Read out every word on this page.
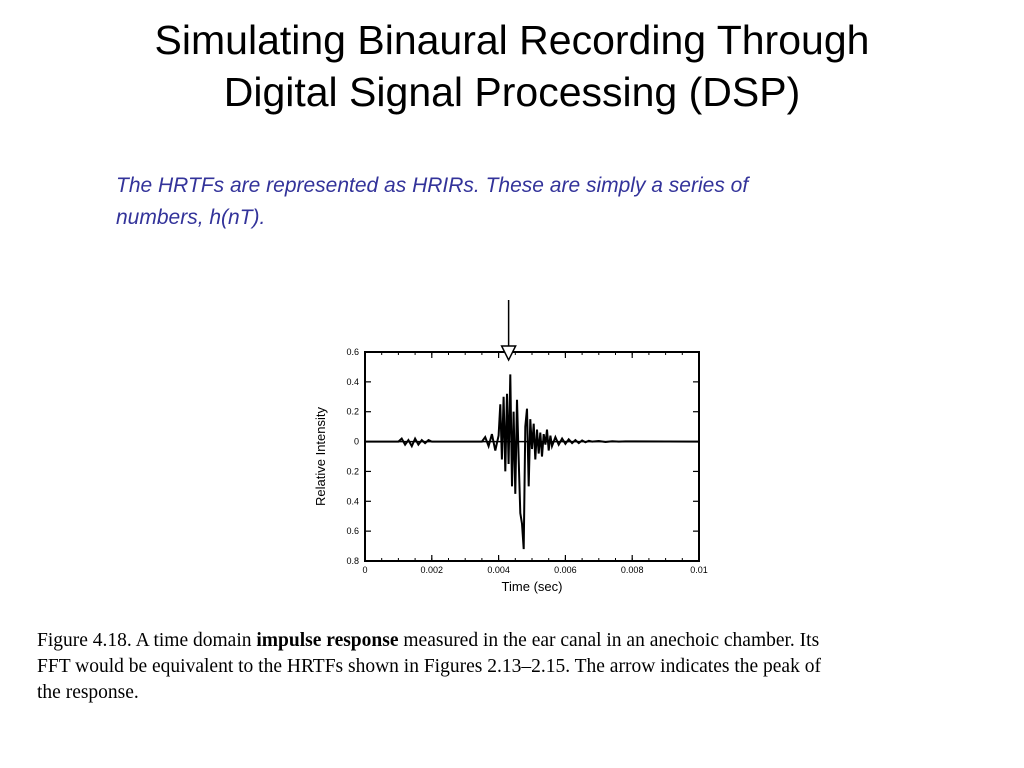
Simulating Binaural Recording Through
Digital Signal Processing (DSP)
The HRTFs are represented as HRIRs. These are simply a series of
numbers, h(nT).
0	0.002	0.004	0.006	0.008	0.01
0.6
0.4
0.2
0
0.2
0.4
0.6
0.8
Time (sec)
Relative Intensity
Figure 4.18. A time domain impulse response measured in the ear canal in an anechoic chamber. Its
FFT would be equivalent to the HRTFs shown in Figures 2.13–2.15. The arrow indicates the peak of
the response.
